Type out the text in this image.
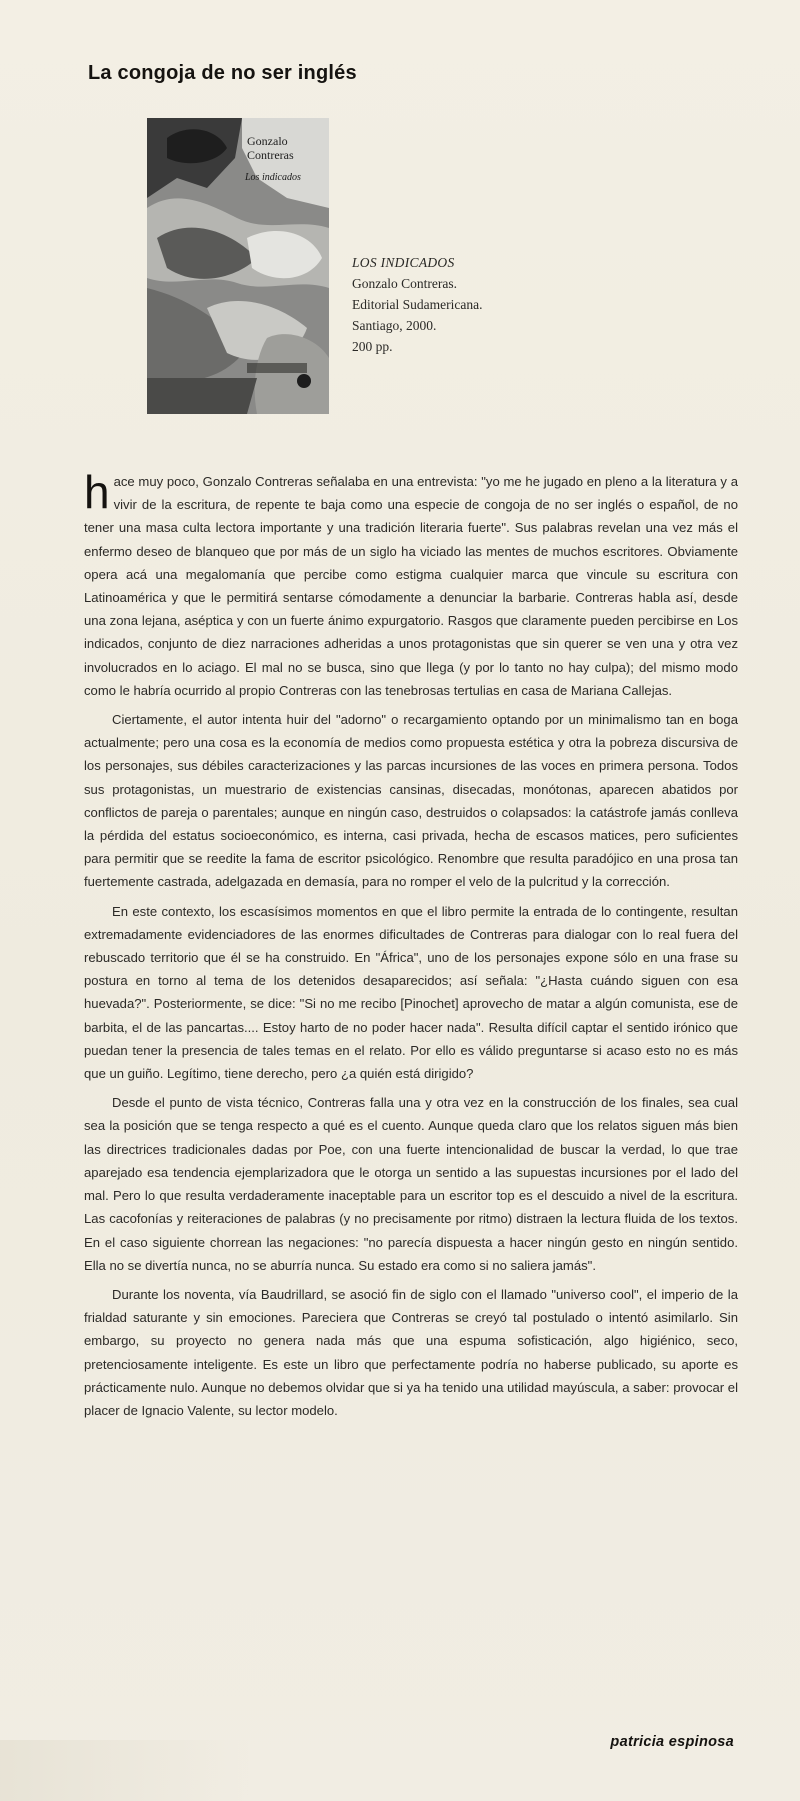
La congoja de no ser inglés
Gonzalo
Contreras
Los indicados
LOS INDICADOS
Gonzalo Contreras.
Editorial Sudamericana.
Santiago, 2000.
200 pp.

hace muy poco, Gonzalo Contreras señalaba en una entrevista: "yo me he jugado en pleno a la literatura y a vivir de la escritura, de repente te baja como una especie de congoja de no ser inglés o español, de no tener una masa culta lectora importante y una tradición literaria fuerte". Sus palabras revelan una vez más el enfermo deseo de blanqueo que por más de un siglo ha viciado las mentes de muchos escritores. Obviamente opera acá una megalomanía que percibe como estigma cualquier marca que vincule su escritura con Latinoamérica y que le permitirá sentarse cómodamente a denunciar la barbarie. Contreras habla así, desde una zona lejana, aséptica y con un fuerte ánimo expurgatorio. Rasgos que claramente pueden percibirse en Los indicados, conjunto de diez narraciones adheridas a unos protagonistas que sin querer se ven una y otra vez involucrados en lo aciago. El mal no se busca, sino que llega (y por lo tanto no hay culpa); del mismo modo como le habría ocurrido al propio Contreras con las tenebrosas tertulias en casa de Mariana Callejas.

Ciertamente, el autor intenta huir del "adorno" o recargamiento optando por un minimalismo tan en boga actualmente; pero una cosa es la economía de medios como propuesta estética y otra la pobreza discursiva de los personajes, sus débiles caracterizaciones y las parcas incursiones de las voces en primera persona. Todos sus protagonistas, un muestrario de existencias cansinas, disecadas, monótonas, aparecen abatidos por conflictos de pareja o parentales; aunque en ningún caso, destruidos o colapsados: la catástrofe jamás conlleva la pérdida del estatus socioeconómico, es interna, casi privada, hecha de escasos matices, pero suficientes para permitir que se reedite la fama de escritor psicológico. Renombre que resulta paradójico en una prosa tan fuertemente castrada, adelgazada en demasía, para no romper el velo de la pulcritud y la corrección.

En este contexto, los escasísimos momentos en que el libro permite la entrada de lo contingente, resultan extremadamente evidenciadores de las enormes dificultades de Contreras para dialogar con lo real fuera del rebuscado territorio que él se ha construido. En "África", uno de los personajes expone sólo en una frase su postura en torno al tema de los detenidos desaparecidos; así señala: "¿Hasta cuándo siguen con esa huevada?". Posteriormente, se dice: "Si no me recibo [Pinochet] aprovecho de matar a algún comunista, ese de barbita, el de las pancartas.... Estoy harto de no poder hacer nada". Resulta difícil captar el sentido irónico que puedan tener la presencia de tales temas en el relato. Por ello es válido preguntarse si acaso esto no es más que un guiño. Legítimo, tiene derecho, pero ¿a quién está dirigido?

Desde el punto de vista técnico, Contreras falla una y otra vez en la construcción de los finales, sea cual sea la posición que se tenga respecto a qué es el cuento. Aunque queda claro que los relatos siguen más bien las directrices tradicionales dadas por Poe, con una fuerte intencionalidad de buscar la verdad, lo que trae aparejado esa tendencia ejemplarizadora que le otorga un sentido a las supuestas incursiones por el lado del mal. Pero lo que resulta verdaderamente inaceptable para un escritor top es el descuido a nivel de la escritura. Las cacofonías y reiteraciones de palabras (y no precisamente por ritmo) distraen la lectura fluida de los textos. En el caso siguiente chorrean las negaciones: "no parecía dispuesta a hacer ningún gesto en ningún sentido. Ella no se divertía nunca, no se aburría nunca. Su estado era como si no saliera jamás".

Durante los noventa, vía Baudrillard, se asoció fin de siglo con el llamado "universo cool", el imperio de la frialdad saturante y sin emociones. Pareciera que Contreras se creyó tal postulado o intentó asimilarlo. Sin embargo, su proyecto no genera nada más que una espuma sofisticación, algo higiénico, seco, pretenciosamente inteligente. Es este un libro que perfectamente podría no haberse publicado, su aporte es prácticamente nulo. Aunque no debemos olvidar que si ya ha tenido una utilidad mayúscula, a saber: provocar el placer de Ignacio Valente, su lector modelo.

patricia espinosa
